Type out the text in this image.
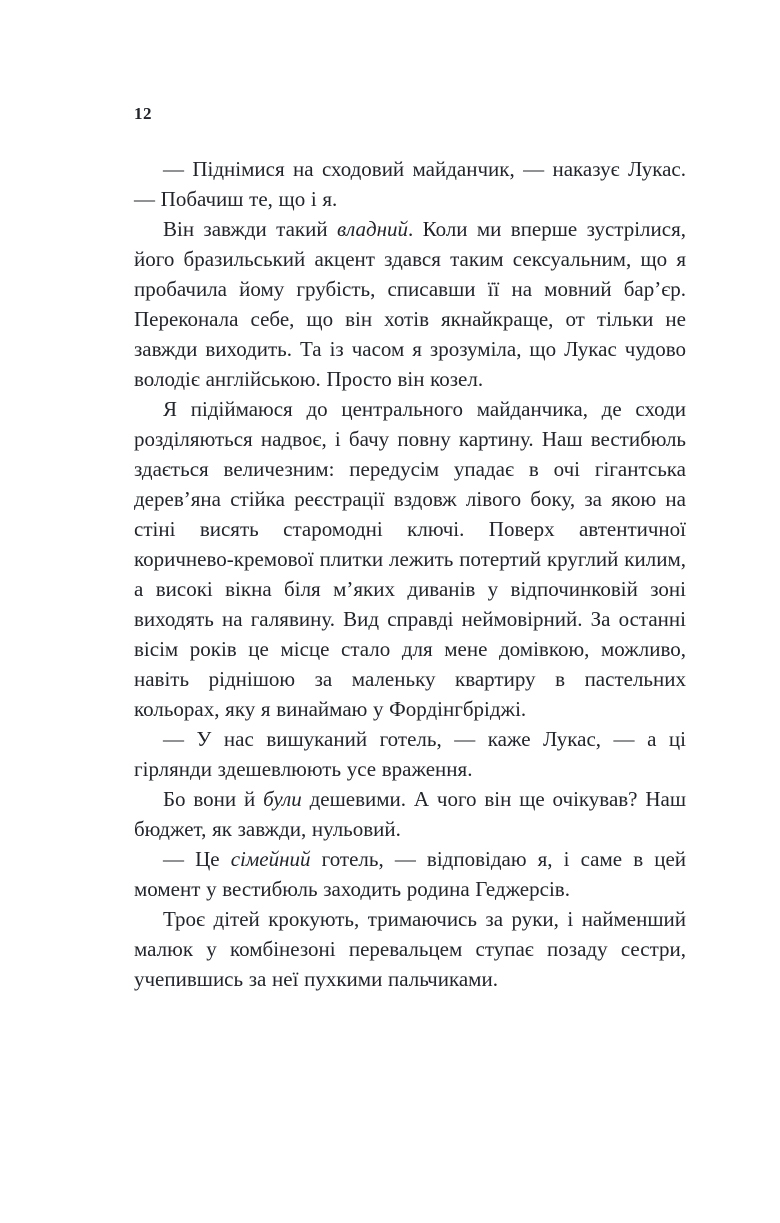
12

— Піднімися на сходовий майданчик, — наказує Лукас. — Побачиш те, що і я.

Він завжди такий владний. Коли ми вперше зустрілися, його бразильський акцент здався таким сексуальним, що я пробачила йому грубість, списавши її на мовний бар’єр. Переконала себе, що він хотів якнайкраще, от тільки не завжди виходить. Та із часом я зрозуміла, що Лукас чудово володіє англійською. Просто він козел.

Я підіймаюся до центрального майданчика, де сходи розділяються надвоє, і бачу повну картину. Наш вестибюль здається величезним: передусім упадає в очі гігантська дерев’яна стійка реєстрації вздовж лівого боку, за якою на стіні висять старомодні ключі. Поверх автентичної коричнево-кремової плитки лежить потертий круглий килим, а високі вікна біля м’яких диванів у відпочинковій зоні виходять на галявину. Вид справді неймовірний. За останні вісім років це місце стало для мене домівкою, можливо, навіть ріднішою за маленьку квартиру в пастельних кольорах, яку я винаймаю у Фордінгбріджі.

— У нас вишуканий готель, — каже Лукас, — а ці гірлянди здешевлюють усе враження.

Бо вони й були дешевими. А чого він ще очікував? Наш бюджет, як завжди, нульовий.

— Це сімейний готель, — відповідаю я, і саме в цей момент у вестибюль заходить родина Геджерсів.

Троє дітей крокують, тримаючись за руки, і найменший малюк у комбінезоні перевальцем ступає позаду сестри, учепившись за неї пухкими пальчиками.
